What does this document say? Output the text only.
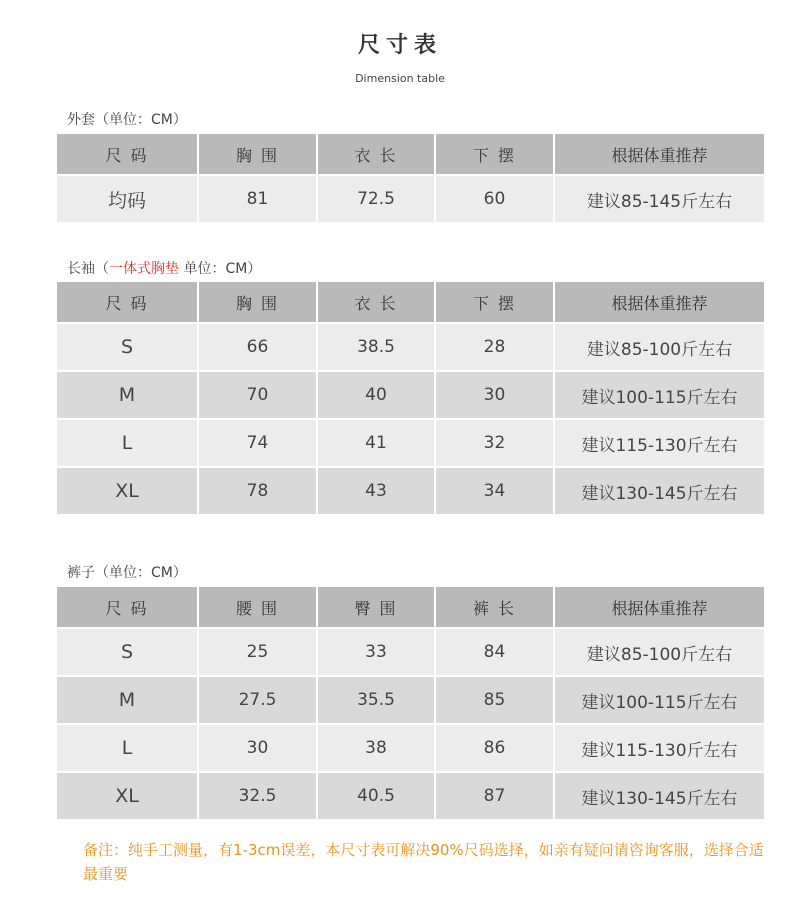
尺寸表
Dimension table
外套（单位：CM）
尺 码	胸 围	衣 长	下 摆	根据体重推荐
均码	81	72.5	60	建议85-145斤左右
长袖（一体式胸垫 单位：CM）
尺 码	胸 围	衣 长	下 摆	根据体重推荐
S	66	38.5	28	建议85-100斤左右
M	70	40	30	建议100-115斤左右
L	74	41	32	建议115-130斤左右
XL	78	43	34	建议130-145斤左右
裤子（单位：CM）
尺 码	腰 围	臀 围	裤 长	根据体重推荐
S	25	33	84	建议85-100斤左右
M	27.5	35.5	85	建议100-115斤左右
L	30	38	86	建议115-130斤左右
XL	32.5	40.5	87	建议130-145斤左右
备注：纯手工测量，有1-3cm误差，本尺寸表可解决90%尺码选择，如亲有疑问请咨询客服，选择合适最重要
